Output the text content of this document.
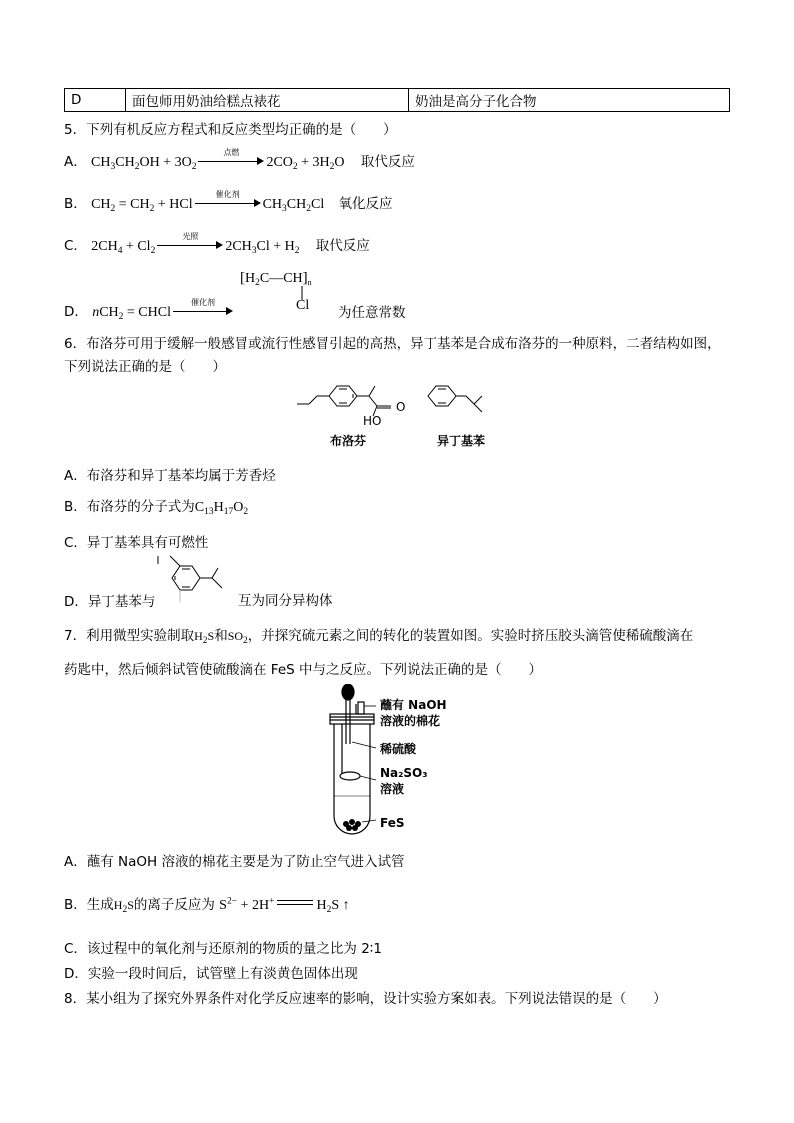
D	面包师用奶油给糕点裱花	奶油是高分子化合物
5．下列有机反应方程式和反应类型均正确的是（　　）
A． $CH_3CH_2OH + 3O_2$
点燃
$2CO_2 + 3H_2O$ 取代反应
B． $CH_2 = CH_2$ + HCl
催化剂
$CH_3CH_2Cl$ 氧化反应
C． $2CH_4 + Cl_2$
光照
$2CH_3Cl + H_2$ 取代反应
$[H_2C—CH]_n$
Cl
D． nCH$_2$ = CHCl
催化剂
为任意常数
6．布洛芬可用于缓解一般感冒或流行性感冒引起的高热，异丁基苯是合成布洛芬的一种原料，二者结构如图，
下列说法正确的是（　　）
O
HO
布洛芬	异丁基苯
A．布洛芬和异丁基苯均属于芳香烃
B．布洛芬的分子式为$C_{13}H_{17}O_2$
C．异丁基苯具有可燃性
D．异丁基苯与	互为同分异构体
7．利用微型实验制取$H_2S$和$SO_2$，并探究硫元素之间的转化的装置如图。实验时挤压胶头滴管使稀硫酸滴在
药匙中，然后倾斜试管使硫酸滴在 FeS 中与之反应。下列说法正确的是（　　）
蘸有 NaOH
溶液的棉花
稀硫酸
Na₂SO₃
溶液
FeS
A．蘸有 NaOH 溶液的棉花主要是为了防止空气进入试管
B．生成$H_2S$的离子反应为 $S^{2-} + 2H^+$	$H_2S$ ↑
C．该过程中的氧化剂与还原剂的物质的量之比为 2∶1
D．实验一段时间后，试管壁上有淡黄色固体出现
8．某小组为了探究外界条件对化学反应速率的影响，设计实验方案如表。下列说法错误的是（　　）
